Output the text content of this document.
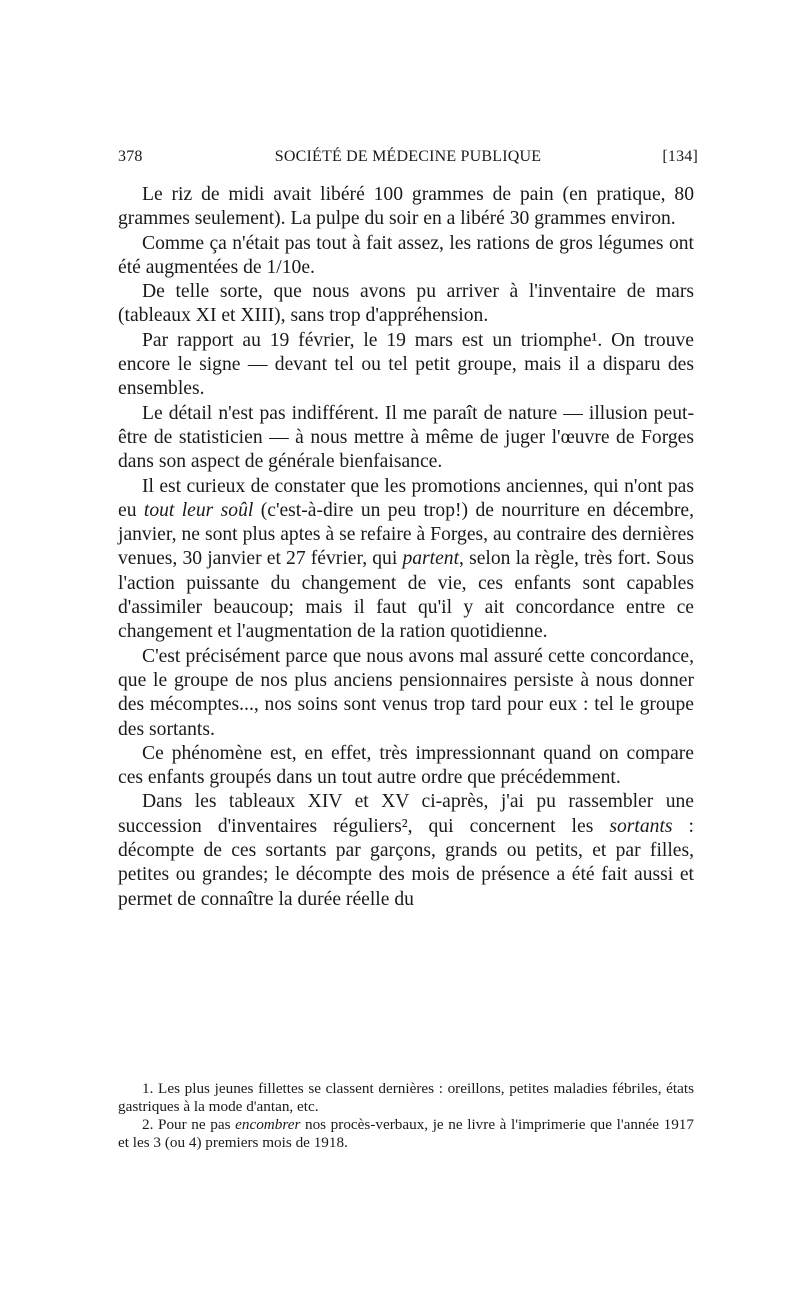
378	SOCIÉTÉ DE MÉDECINE PUBLIQUE	[134]

Le riz de midi avait libéré 100 grammes de pain (en pratique, 80 grammes seulement). La pulpe du soir en a libéré 30 grammes environ.

Comme ça n'était pas tout à fait assez, les rations de gros légumes ont été augmentées de 1/10e.

De telle sorte, que nous avons pu arriver à l'inventaire de mars (tableaux XI et XIII), sans trop d'appréhension.

Par rapport au 19 février, le 19 mars est un triomphe¹. On trouve encore le signe — devant tel ou tel petit groupe, mais il a disparu des ensembles.

Le détail n'est pas indifférent. Il me paraît de nature — illusion peut-être de statisticien — à nous mettre à même de juger l'œuvre de Forges dans son aspect de générale bienfaisance.

Il est curieux de constater que les promotions anciennes, qui n'ont pas eu tout leur soûl (c'est-à-dire un peu trop!) de nourriture en décembre, janvier, ne sont plus aptes à se refaire à Forges, au contraire des dernières venues, 30 janvier et 27 février, qui partent, selon la règle, très fort. Sous l'action puissante du changement de vie, ces enfants sont capables d'assimiler beaucoup; mais il faut qu'il y ait concordance entre ce changement et l'augmentation de la ration quotidienne.

C'est précisément parce que nous avons mal assuré cette concordance, que le groupe de nos plus anciens pensionnaires persiste à nous donner des mécomptes..., nos soins sont venus trop tard pour eux : tel le groupe des sortants.

Ce phénomène est, en effet, très impressionnant quand on compare ces enfants groupés dans un tout autre ordre que précédemment.

Dans les tableaux XIV et XV ci-après, j'ai pu rassembler une succession d'inventaires réguliers², qui concernent les sortants : décompte de ces sortants par garçons, grands ou petits, et par filles, petites ou grandes; le décompte des mois de présence a été fait aussi et permet de connaître la durée réelle du

1. Les plus jeunes fillettes se classent dernières : oreillons, petites maladies fébriles, états gastriques à la mode d'antan, etc.

2. Pour ne pas encombrer nos procès-verbaux, je ne livre à l'imprimerie que l'année 1917 et les 3 (ou 4) premiers mois de 1918.
